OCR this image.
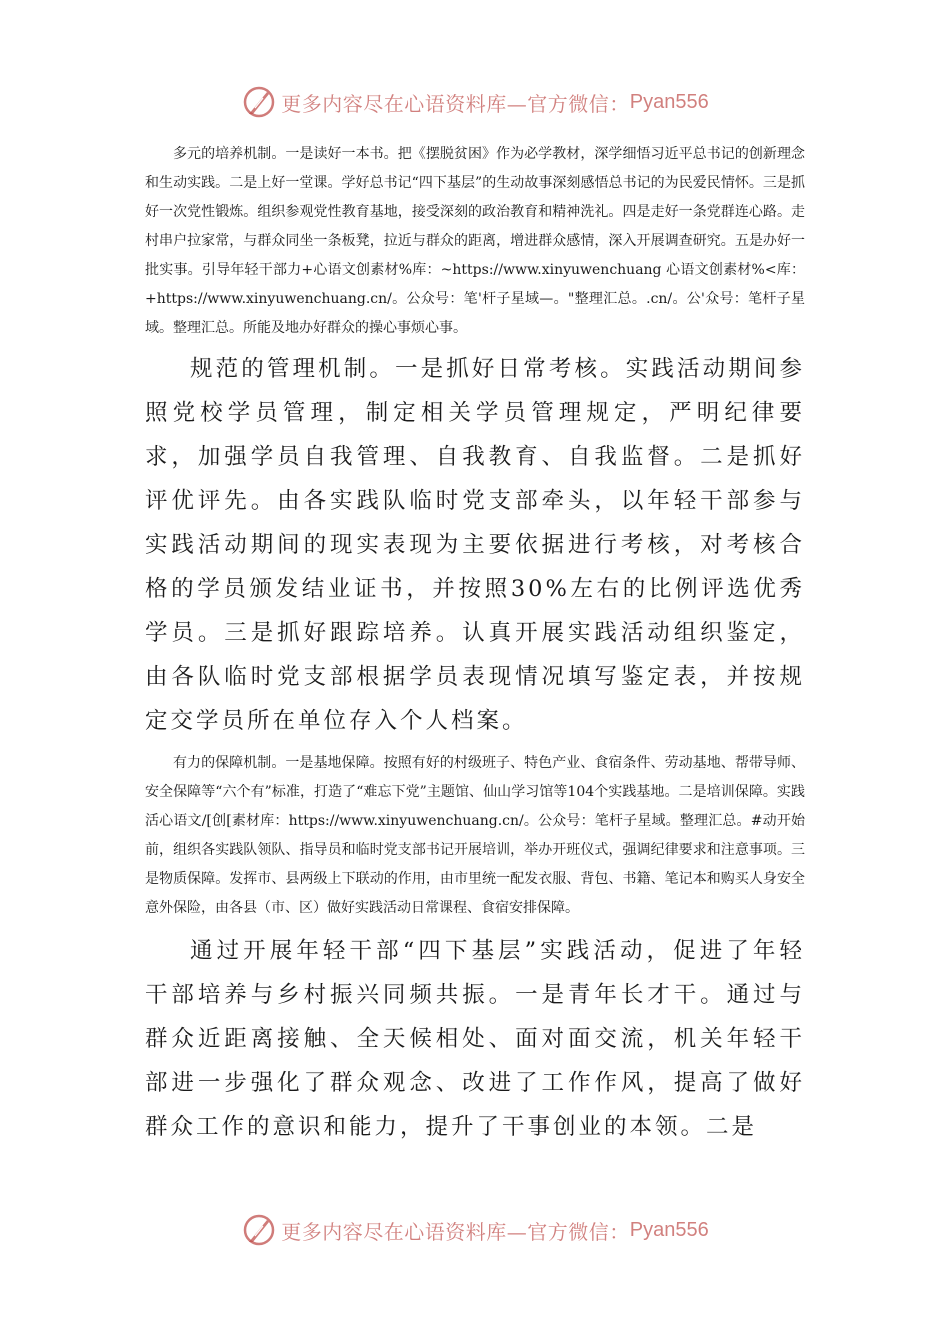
更多内容尽在心语资料库—官方微信： Pyan556

多元的培养机制。一是读好一本书。把《摆脱贫困》作为必学教材，深学细悟习近平总书记的创新理念和生动实践。二是上好一堂课。学好总书记“四下基层”的生动故事深刻感悟总书记的为民爱民情怀。三是抓好一次党性锻炼。组织参观党性教育基地，接受深刻的政治教育和精神洗礼。四是走好一条党群连心路。走村串户拉家常，与群众同坐一条板凳，拉近与群众的距离，增进群众感情，深入开展调查研究。五是办好一批实事。引导年轻干部力+心语文创素材%库：~https://www.xinyuwenchuang 心语文创素材%<库：+https://www.xinyuwenchuang.cn/。公众号：笔'杆子星域—。"整理汇总。.cn/。公'众号：笔杆子星域。整理汇总。所能及地办好群众的操心事烦心事。

规范的管理机制。一是抓好日常考核。实践活动期间参照党校学员管理，制定相关学员管理规定，严明纪律要求，加强学员自我管理、自我教育、自我监督。二是抓好评优评先。由各实践队临时党支部牵头，以年轻干部参与实践活动期间的现实表现为主要依据进行考核，对考核合格的学员颁发结业证书，并按照30%左右的比例评选优秀学员。三是抓好跟踪培养。认真开展实践活动组织鉴定，由各队临时党支部根据学员表现情况填写鉴定表，并按规定交学员所在单位存入个人档案。

有力的保障机制。一是基地保障。按照有好的村级班子、特色产业、食宿条件、劳动基地、帮带导师、安全保障等“六个有”标准，打造了“难忘下党”主题馆、仙山学习馆等104个实践基地。二是培训保障。实践活心语文/[创[素材库：https://www.xinyuwenchuang.cn/。公众号：笔杆子星域。整理汇总。#动开始前，组织各实践队领队、指导员和临时党支部书记开展培训，举办开班仪式，强调纪律要求和注意事项。三是物质保障。发挥市、县两级上下联动的作用，由市里统一配发衣服、背包、书籍、笔记本和购买人身安全意外保险，由各县（市、区）做好实践活动日常课程、食宿安排保障。

通过开展年轻干部“四下基层”实践活动，促进了年轻干部培养与乡村振兴同频共振。一是青年长才干。通过与群众近距离接触、全天候相处、面对面交流，机关年轻干部进一步强化了群众观念、改进了工作作风，提高了做好群众工作的意识和能力，提升了干事创业的本领。二是

更多内容尽在心语资料库—官方微信： Pyan556
